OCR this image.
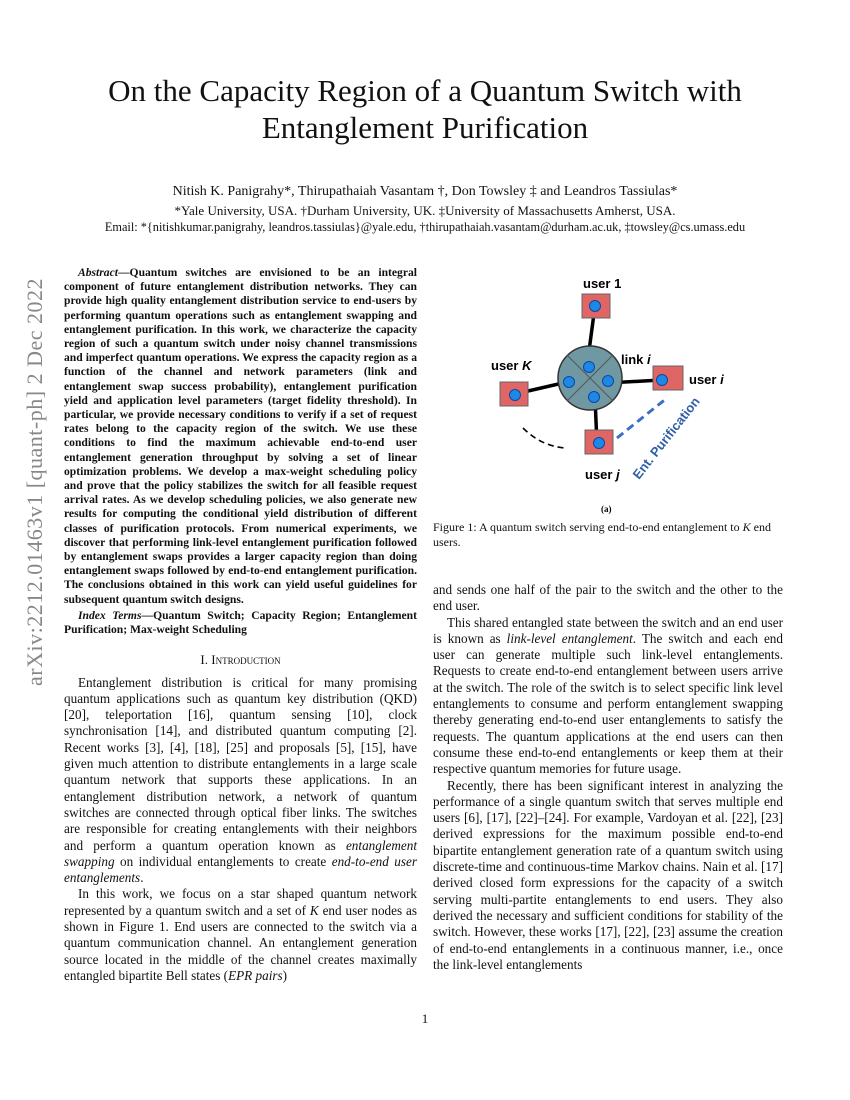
arXiv:2212.01463v1 [quant-ph] 2 Dec 2022
On the Capacity Region of a Quantum Switch with
Entanglement Purification
Nitish K. Panigrahy*, Thirupathaiah Vasantam †, Don Towsley ‡ and Leandros Tassiulas*
*Yale University, USA. †Durham University, UK. ‡University of Massachusetts Amherst, USA.
Email: *{nitishkumar.panigrahy, leandros.tassiulas}@yale.edu, †thirupathaiah.vasantam@durham.ac.uk, ‡towsley@cs.umass.edu

Abstract—Quantum switches are envisioned to be an integral component of future entanglement distribution networks. They can provide high quality entanglement distribution service to end-users by performing quantum operations such as entanglement swapping and entanglement purification. In this work, we characterize the capacity region of such a quantum switch under noisy channel transmissions and imperfect quantum operations. We express the capacity region as a function of the channel and network parameters (link and entanglement swap success probability), entanglement purification yield and application level parameters (target fidelity threshold). In particular, we provide necessary conditions to verify if a set of request rates belong to the capacity region of the switch. We use these conditions to find the maximum achievable end-to-end user entanglement generation throughput by solving a set of linear optimization problems. We develop a max-weight scheduling policy and prove that the policy stabilizes the switch for all feasible request arrival rates. As we develop scheduling policies, we also generate new results for computing the conditional yield distribution of different classes of purification protocols. From numerical experiments, we discover that performing link-level entanglement purification followed by entanglement swaps provides a larger capacity region than doing entanglement swaps followed by end-to-end entanglement purification. The conclusions obtained in this work can yield useful guidelines for subsequent quantum switch designs.

Index Terms—Quantum Switch; Capacity Region; Entanglement Purification; Max-weight Scheduling

I. Introduction

Entanglement distribution is critical for many promising quantum applications such as quantum key distribution (QKD) [20], teleportation [16], quantum sensing [10], clock synchronisation [14], and distributed quantum computing [2]. Recent works [3], [4], [18], [25] and proposals [5], [15], have given much attention to distribute entanglements in a large scale quantum network that supports these applications. In an entanglement distribution network, a network of quantum switches are connected through optical fiber links. The switches are responsible for creating entanglements with their neighbors and perform a quantum operation known as entanglement swapping on individual entanglements to create end-to-end user entanglements.

In this work, we focus on a star shaped quantum network represented by a quantum switch and a set of K end user nodes as shown in Figure 1. End users are connected to the switch via a quantum communication channel. An entanglement generation source located in the middle of the channel creates maximally entangled bipartite Bell states (EPR pairs)

user 1
user K	link i
user i
user j Ent. Purification
(a)
Figure 1: A quantum switch serving end-to-end entanglement to K end users.

and sends one half of the pair to the switch and the other to the end user.

This shared entangled state between the switch and an end user is known as link-level entanglement. The switch and each end user can generate multiple such link-level entanglements. Requests to create end-to-end entanglement between users arrive at the switch. The role of the switch is to select specific link level entanglements to consume and perform entanglement swapping thereby generating end-to-end user entanglements to satisfy the requests. The quantum applications at the end users can then consume these end-to-end entanglements or keep them at their respective quantum memories for future usage.

Recently, there has been significant interest in analyzing the performance of a single quantum switch that serves multiple end users [6], [17], [22]–[24]. For example, Vardoyan et al. [22], [23] derived expressions for the maximum possible end-to-end bipartite entanglement generation rate of a quantum switch using discrete-time and continuous-time Markov chains. Nain et al. [17] derived closed form expressions for the capacity of a switch serving multi-partite entanglements to end users. They also derived the necessary and sufficient conditions for stability of the switch. However, these works [17], [22], [23] assume the creation of end-to-end entanglements in a continuous manner, i.e., once the link-level entanglements

1
